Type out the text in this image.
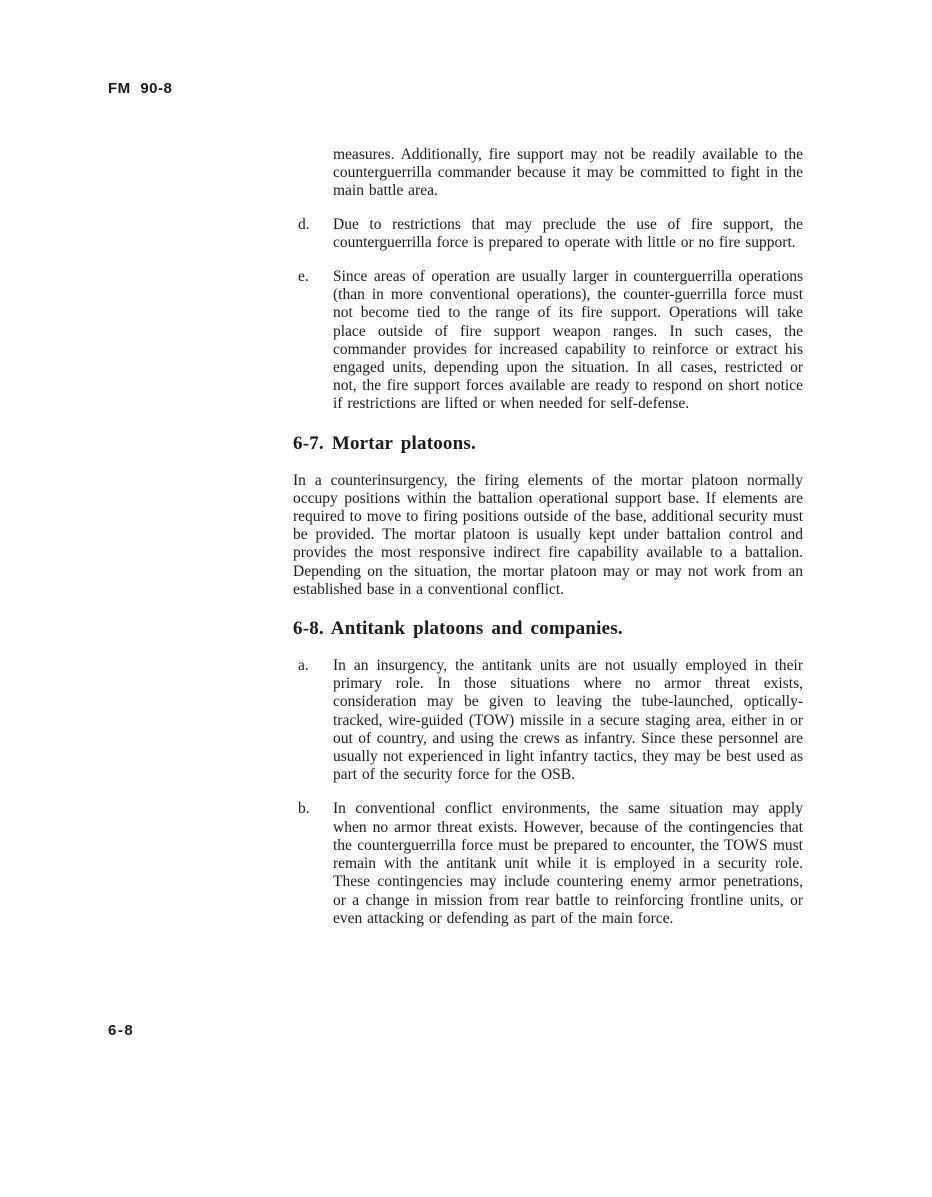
FM 90-8

measures. Additionally, fire support may not be readily available to the counterguerrilla commander because it may be committed to fight in the main battle area.

d.	Due to restrictions that may preclude the use of fire support, the counterguerrilla force is prepared to operate with little or no fire support.
e.	Since areas of operation are usually larger in counterguerrilla operations (than in more conventional operations), the counter-guerrilla force must not become tied to the range of its fire support. Operations will take place outside of fire support weapon ranges. In such cases, the commander provides for increased capability to reinforce or extract his engaged units, depending upon the situation. In all cases, restricted or not, the fire support forces available are ready to respond on short notice if restrictions are lifted or when needed for self-defense.
6-7. Mortar platoons.

In a counterinsurgency, the firing elements of the mortar platoon normally occupy positions within the battalion operational support base. If elements are required to move to firing positions outside of the base, additional security must be provided. The mortar platoon is usually kept under battalion control and provides the most responsive indirect fire capability available to a battalion. Depending on the situation, the mortar platoon may or may not work from an established base in a conventional conflict.

6-8. Antitank platoons and companies.
a.	In an insurgency, the antitank units are not usually employed in their primary role. In those situations where no armor threat exists, consideration may be given to leaving the tube-launched, optically-tracked, wire-guided (TOW) missile in a secure staging area, either in or out of country, and using the crews as infantry. Since these personnel are usually not experienced in light infantry tactics, they may be best used as part of the security force for the OSB.
b.	In conventional conflict environments, the same situation may apply when no armor threat exists. However, because of the contingencies that the counterguerrilla force must be prepared to encounter, the TOWS must remain with the antitank unit while it is employed in a security role. These contingencies may include countering enemy armor penetrations, or a change in mission from rear battle to reinforcing frontline units, or even attacking or defending as part of the main force.
6-8
